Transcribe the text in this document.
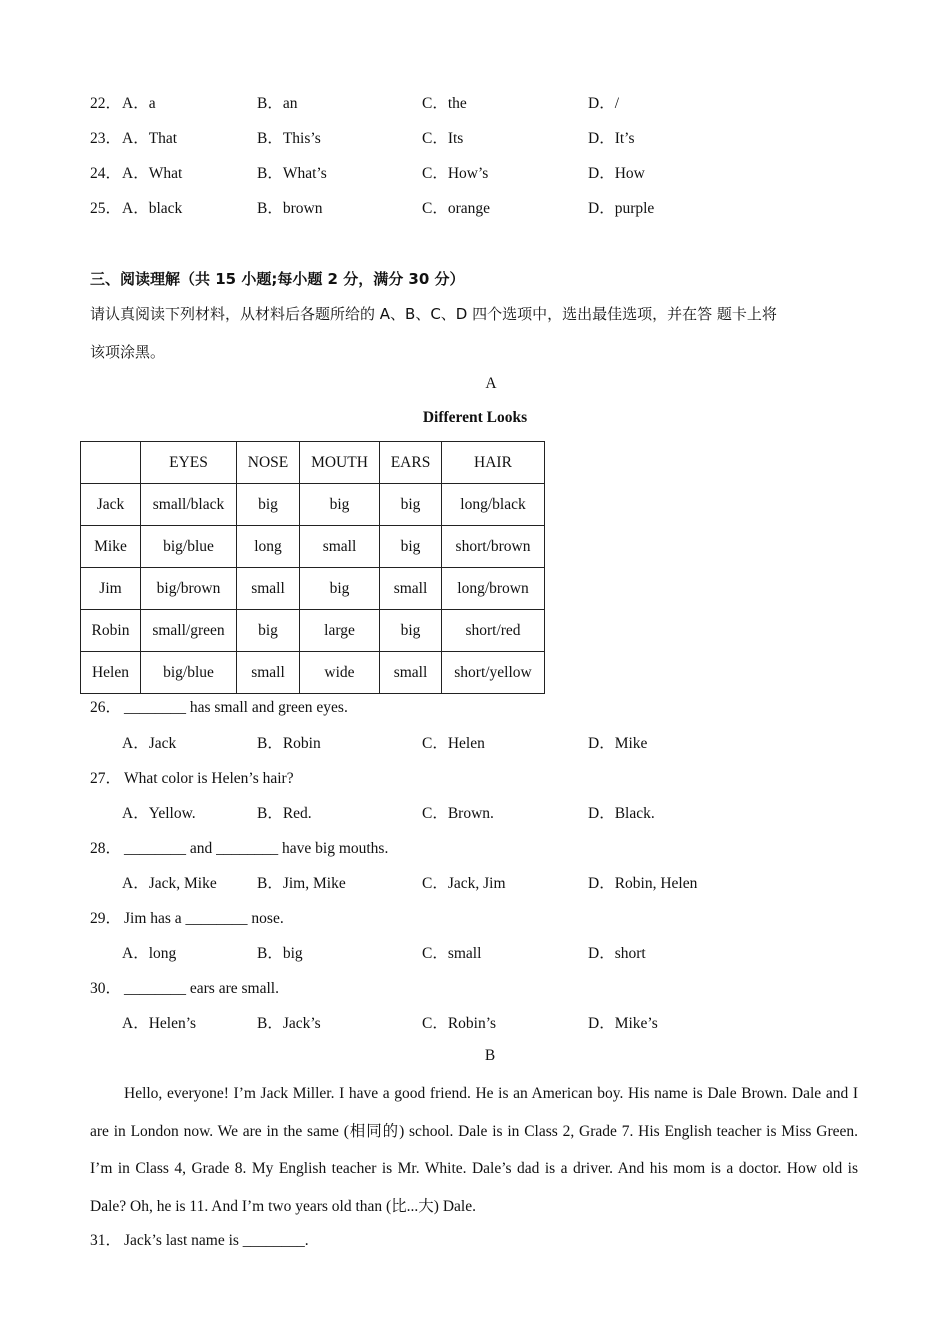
22． A．a	B．an	C．the	D．/
23． A．That	B．This’s	C．Its	D．It’s
24． A．What	B．What’s	C．How’s	D．How
25． A．black	B．brown	C．orange	D．purple
三、阅读理解（共 15 小题;每小题 2 分，满分 30 分）
请认真阅读下列材料，从材料后各题所给的 A、B、C、D 四个选项中，选出最佳选项，并在答 题卡上将
该项涂黑。
A
Different Looks
	EYES	NOSE	MOUTH	EARS	HAIR
Jack	small/black	big	big	big	long/black
Mike	big/blue	long	small	big	short/brown
Jim	big/brown	small	big	small	long/brown
Robin	small/green	big	large	big	short/red
Helen	big/blue	small	wide	small	short/yellow
26． ________ has small and green eyes.
A．Jack	B．Robin	C．Helen	D．Mike
27． What color is Helen’s hair?
A．Yellow.	B．Red.	C．Brown.	D．Black.
28． ________ and ________ have big mouths.
A．Jack, Mike	B．Jim, Mike	C．Jack, Jim	D．Robin, Helen
29． Jim has a ________ nose.
A．long	B．big	C．small	D．short
30． ________ ears are small.
A．Helen’s	B．Jack’s	C．Robin’s	D．Mike’s
B
Hello, everyone! I’m Jack Miller. I have a good friend. He is an American boy. His name is Dale Brown. Dale and I are in London now. We are in the same (相同的) school. Dale is in Class 2, Grade 7. His English teacher is Miss Green. I’m in Class 4, Grade 8. My English teacher is Mr. White. Dale’s dad is a driver. And his mom is a doctor. How old is Dale? Oh, he is 11. And I’m two years old than (比...大) Dale.
31． Jack’s last name is ________.
